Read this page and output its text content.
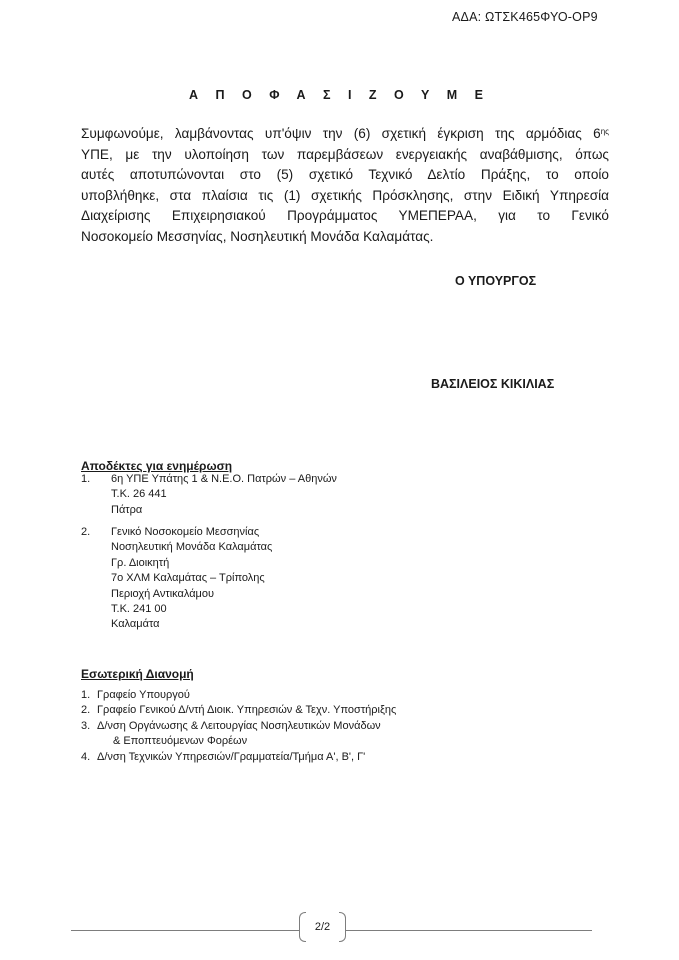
ΑΔΑ: ΩΤΣΚ465ΦΥΟ-ΟΡ9
Α Π Ο Φ Α Σ Ι Ζ Ο Υ Μ Ε
Συμφωνούμε, λαμβάνοντας υπ'όψιν την (6) σχετική έγκριση της αρμόδιας $6^{\eta\varsigma}$
ΥΠΕ, με την υλοποίηση των παρεμβάσεων ενεργειακής αναβάθμισης, όπως
αυτές αποτυπώνονται στο (5) σχετικό Τεχνικό Δελτίο Πράξης, το οποίο
υποβλήθηκε, στα πλαίσια τις (1) σχετικής Πρόσκλησης, στην Ειδική Υπηρεσία
Διαχείρισης Επιχειρησιακού Προγράμματος ΥΜΕΠΕΡΑΑ, για το Γενικό
Νοσοκομείο Μεσσηνίας, Νοσηλευτική Μονάδα Καλαμάτας.
Ο ΥΠΟΥΡΓΟΣ
ΒΑΣΙΛΕΙΟΣ ΚΙΚΙΛΙΑΣ
Αποδέκτες για ενημέρωση
1. 6η ΥΠΕ Υπάτης 1 & Ν.Ε.Ο. Πατρών – Αθηνών
Τ.Κ. 26 441
Πάτρα
2. Γενικό Νοσοκομείο Μεσσηνίας
Νοσηλευτική Μονάδα Καλαμάτας
Γρ. Διοικητή
7ο ΧΛΜ Καλαμάτας – Τρίπολης
Περιοχή Αντικαλάμου
Τ.Κ. 241 00
Καλαμάτα
Εσωτερική Διανομή
1. Γραφείο Υπουργού
2. Γραφείο Γενικού Δ/ντή Διοικ. Υπηρεσιών & Τεχν. Υποστήριξης
3. Δ/νση Οργάνωσης & Λειτουργίας Νοσηλευτικών Μονάδων
& Εποπτευόμενων Φορέων
4. Δ/νση Τεχνικών Υπηρεσιών/Γραμματεία/Τμήμα Α', Β', Γ'
2/2
